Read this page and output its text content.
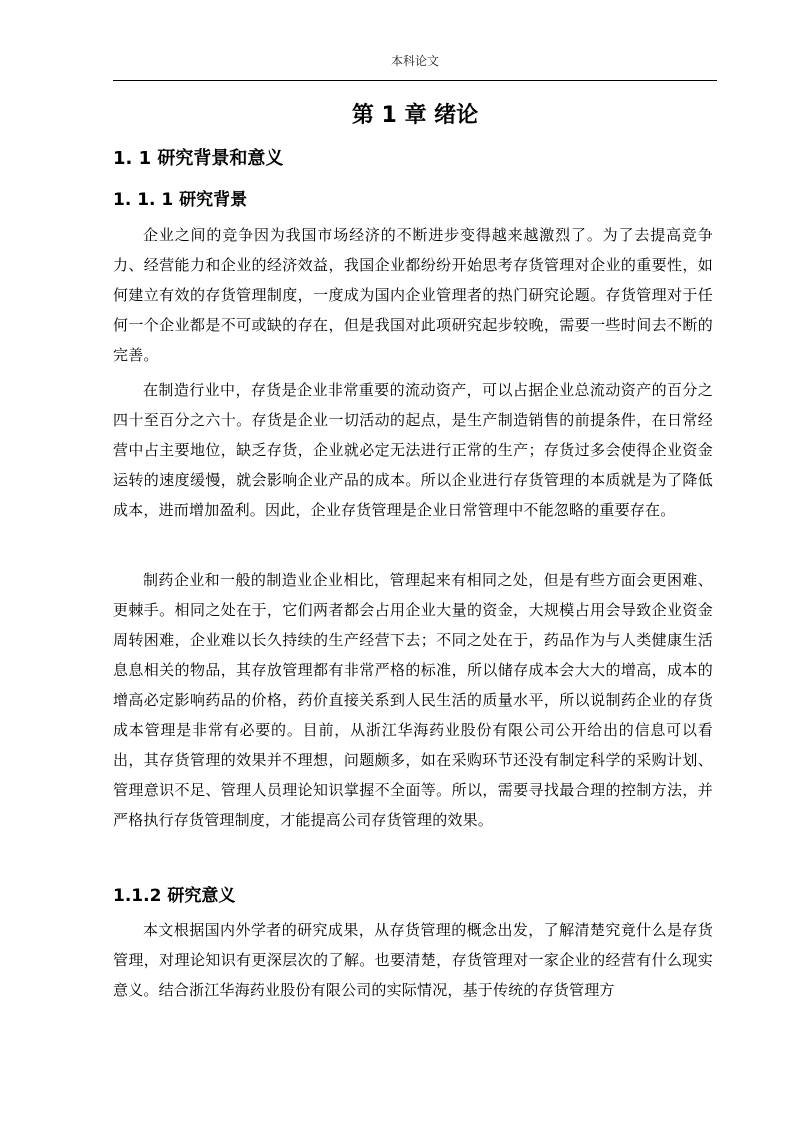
本科论文
第 1 章 绪论
1. 1 研究背景和意义
1. 1. 1 研究背景

企业之间的竞争因为我国市场经济的不断进步变得越来越激烈了。为了去提高竞争力、经营能力和企业的经济效益，我国企业都纷纷开始思考存货管理对企业的重要性，如何建立有效的存货管理制度，一度成为国内企业管理者的热门研究论题。存货管理对于任何一个企业都是不可或缺的存在，但是我国对此项研究起步较晚，需要一些时间去不断的完善。

在制造行业中，存货是企业非常重要的流动资产，可以占据企业总流动资产的百分之四十至百分之六十。存货是企业一切活动的起点，是生产制造销售的前提条件，在日常经营中占主要地位，缺乏存货，企业就必定无法进行正常的生产；存货过多会使得企业资金运转的速度缓慢，就会影响企业产品的成本。所以企业进行存货管理的本质就是为了降低成本，进而增加盈利。因此，企业存货管理是企业日常管理中不能忽略的重要存在。

制药企业和一般的制造业企业相比，管理起来有相同之处，但是有些方面会更困难、更棘手。相同之处在于，它们两者都会占用企业大量的资金，大规模占用会导致企业资金周转困难，企业难以长久持续的生产经营下去；不同之处在于，药品作为与人类健康生活息息相关的物品，其存放管理都有非常严格的标准，所以储存成本会大大的增高，成本的增高必定影响药品的价格，药价直接关系到人民生活的质量水平，所以说制药企业的存货成本管理是非常有必要的。目前，从浙江华海药业股份有限公司公开给出的信息可以看出，其存货管理的效果并不理想，问题颇多，如在采购环节还没有制定科学的采购计划、管理意识不足、管理人员理论知识掌握不全面等。所以，需要寻找最合理的控制方法，并严格执行存货管理制度，才能提高公司存货管理的效果。

1.1.2 研究意义

本文根据国内外学者的研究成果，从存货管理的概念出发，了解清楚究竟什么是存货管理，对理论知识有更深层次的了解。也要清楚，存货管理对一家企业的经营有什么现实意义。结合浙江华海药业股份有限公司的实际情况，基于传统的存货管理方
